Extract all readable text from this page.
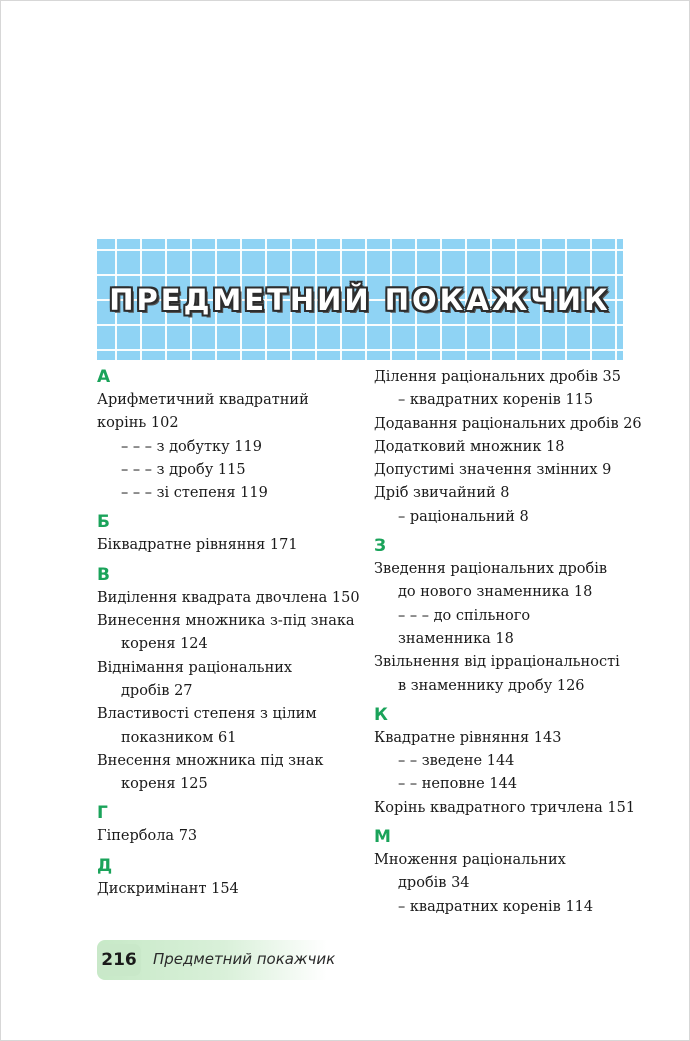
ПРЕДМЕТНИЙ ПОКАЖЧИК
А
Арифметичний квадратний
корінь 102
– – – з добутку 119
– – – з дробу 115
– – – зі степеня 119
Б
Біквадратне рівняння 171
В
Виділення квадрата двочлена 150
Винесення множника з-під знака
кореня 124
Віднімання раціональних
дробів 27
Властивості степеня з цілим
показником 61
Внесення множника під знак
кореня 125
Г
Гіпербола 73
Д
Дискримінант 154
Ділення раціональних дробів 35
– квадратних коренів 115
Додавання раціональних дробів 26
Додатковий множник 18
Допустимі значення змінних 9
Дріб звичайний 8
– раціональний 8
З
Зведення раціональних дробів
до нового знаменника 18
– – – до спільного
знаменника 18
Звільнення від ірраціональності
в знаменнику дробу 126
К
Квадратне рівняння 143
– – зведене 144
– – неповне 144
Корінь квадратного тричлена 151
М
Множення раціональних
дробів 34
– квадратних коренів 114
216 Предметний покажчик
